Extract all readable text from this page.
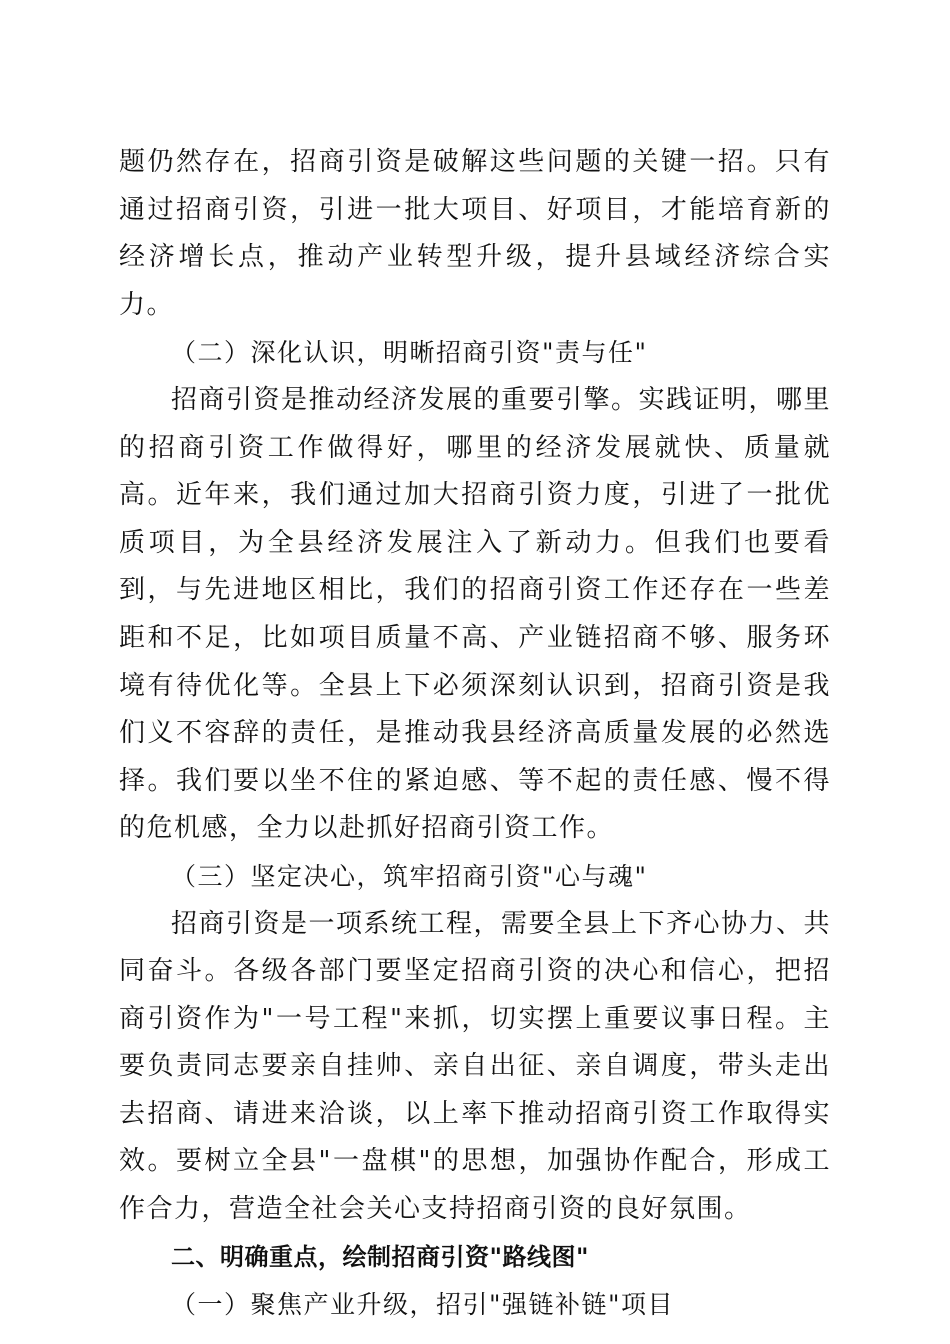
题仍然存在，招商引资是破解这些问题的关键一招。只有通过招商引资，引进一批大项目、好项目，才能培育新的经济增长点，推动产业转型升级，提升县域经济综合实力。

（二）深化认识，明晰招商引资"责与任"

招商引资是推动经济发展的重要引擎。实践证明，哪里的招商引资工作做得好，哪里的经济发展就快、质量就高。近年来，我们通过加大招商引资力度，引进了一批优质项目，为全县经济发展注入了新动力。但我们也要看到，与先进地区相比，我们的招商引资工作还存在一些差距和不足，比如项目质量不高、产业链招商不够、服务环境有待优化等。全县上下必须深刻认识到，招商引资是我们义不容辞的责任，是推动我县经济高质量发展的必然选择。我们要以坐不住的紧迫感、等不起的责任感、慢不得的危机感，全力以赴抓好招商引资工作。

（三）坚定决心，筑牢招商引资"心与魂"

招商引资是一项系统工程，需要全县上下齐心协力、共同奋斗。各级各部门要坚定招商引资的决心和信心，把招商引资作为"一号工程"来抓，切实摆上重要议事日程。主要负责同志要亲自挂帅、亲自出征、亲自调度，带头走出去招商、请进来洽谈，以上率下推动招商引资工作取得实效。要树立全县"一盘棋"的思想，加强协作配合，形成工作合力，营造全社会关心支持招商引资的良好氛围。

二、明确重点，绘制招商引资"路线图"

（一）聚焦产业升级，招引"强链补链"项目
